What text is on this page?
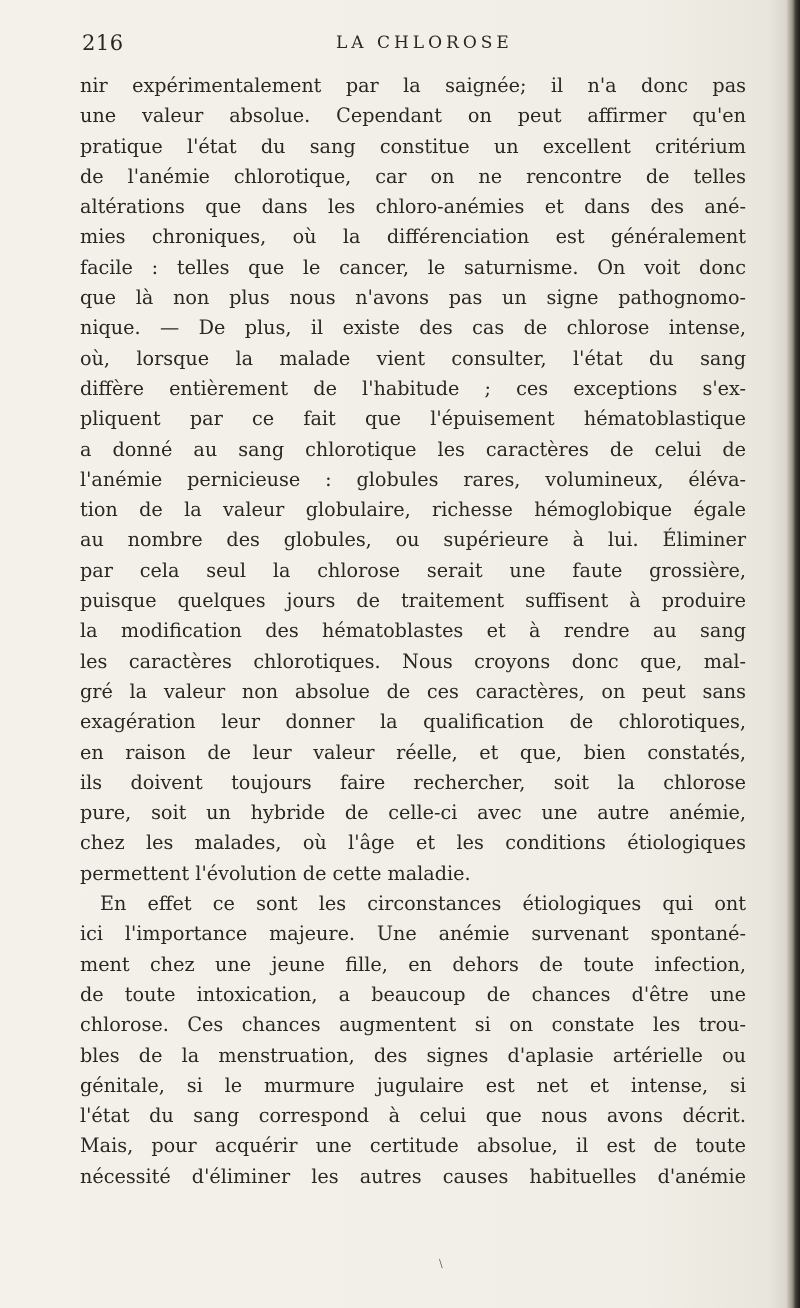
216	LA CHLOROSE
nir expérimentalement par la saignée; il n'a donc pas
une valeur absolue. Cependant on peut affirmer qu'en
pratique l'état du sang constitue un excellent critérium
de l'anémie chlorotique, car on ne rencontre de telles
altérations que dans les chloro-anémies et dans des ané-
mies chroniques, où la différenciation est généralement
facile : telles que le cancer, le saturnisme. On voit donc
que là non plus nous n'avons pas un signe pathognomo-
nique. — De plus, il existe des cas de chlorose intense,
où, lorsque la malade vient consulter, l'état du sang
diffère entièrement de l'habitude ; ces exceptions s'ex-
pliquent par ce fait que l'épuisement hématoblastique
a donné au sang chlorotique les caractères de celui de
l'anémie pernicieuse : globules rares, volumineux, éléva-
tion de la valeur globulaire, richesse hémoglobique égale
au nombre des globules, ou supérieure à lui. Éliminer
par cela seul la chlorose serait une faute grossière,
puisque quelques jours de traitement suffisent à produire
la modification des hématoblastes et à rendre au sang
les caractères chlorotiques. Nous croyons donc que, mal-
gré la valeur non absolue de ces caractères, on peut sans
exagération leur donner la qualification de chlorotiques,
en raison de leur valeur réelle, et que, bien constatés,
ils doivent toujours faire rechercher, soit la chlorose
pure, soit un hybride de celle-ci avec une autre anémie,
chez les malades, où l'âge et les conditions étiologiques
permettent l'évolution de cette maladie.
En effet ce sont les circonstances étiologiques qui ont
ici l'importance majeure. Une anémie survenant spontané-
ment chez une jeune fille, en dehors de toute infection,
de toute intoxication, a beaucoup de chances d'être une
chlorose. Ces chances augmentent si on constate les trou-
bles de la menstruation, des signes d'aplasie artérielle ou
génitale, si le murmure jugulaire est net et intense, si
l'état du sang correspond à celui que nous avons décrit.
Mais, pour acquérir une certitude absolue, il est de toute
nécessité d'éliminer les autres causes habituelles d'anémie
\
